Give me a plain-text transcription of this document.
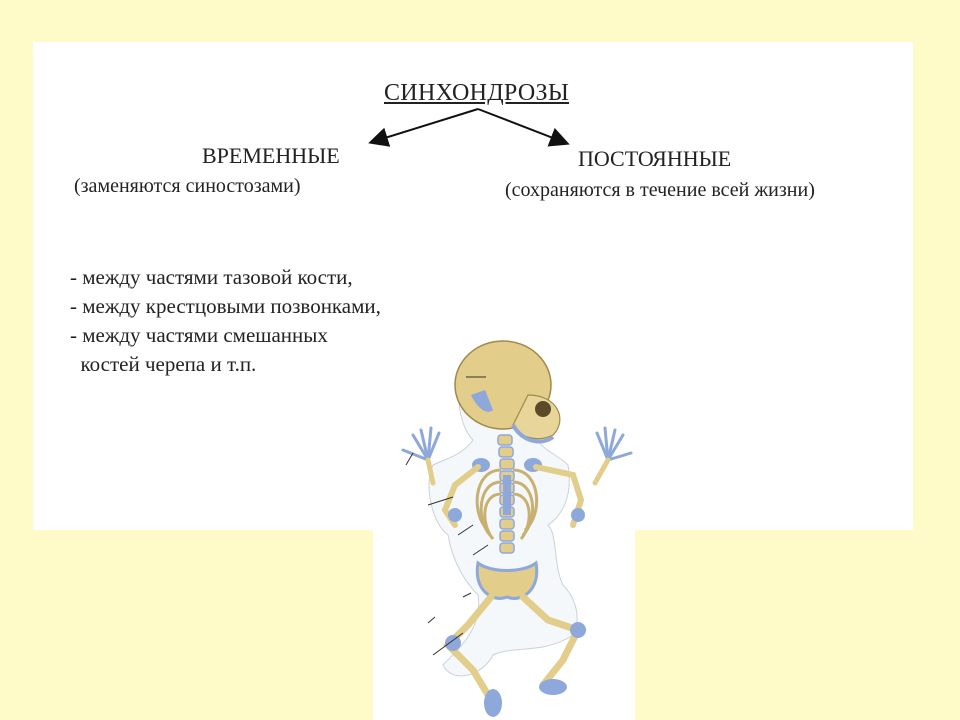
СИНХОНДРОЗЫ
ВРЕМЕННЫЕ
(заменяются синостозами)
ПОСТОЯННЫЕ
(сохраняются в течение всей жизни)
- между частями тазовой кости,
- между крестцовыми позвонками,
- между частями смешанных
костей черепа и т.п.
